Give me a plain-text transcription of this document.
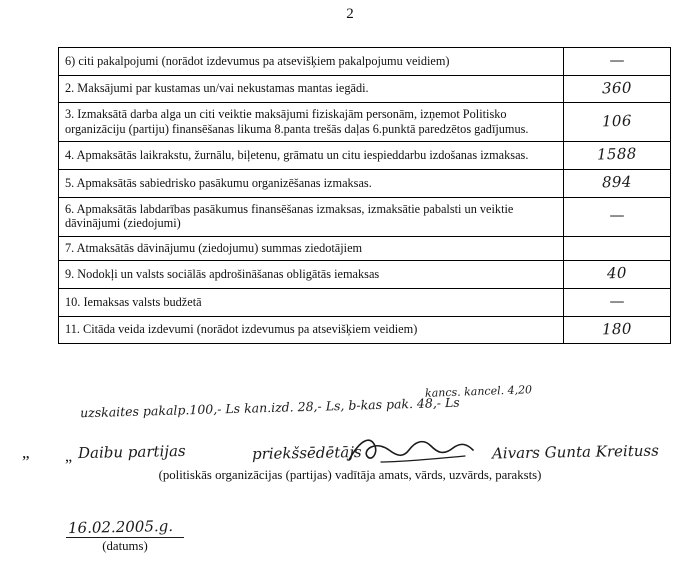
2
6) citi pakalpojumi (norādot izdevumus pa atsevišķiem pakalpojumu veidiem)	—
2. Maksājumi par kustamas un/vai nekustamas mantas iegādi.	360
3. Izmaksātā darba alga un citi veiktie maksājumi fiziskajām personām, izņemot Politisko organizāciju (partiju) finansēšanas likuma 8.panta trešās daļas 6.punktā paredzētos gadījumus.	106
4. Apmaksātās laikrakstu, žurnālu, biļetenu, grāmatu un citu iespieddarbu izdošanas izmaksas.	1588
5. Apmaksātās sabiedrisko pasākumu organizēšanas izmaksas.	894
6. Apmaksātās labdarības pasākumus finansēšanas izmaksas, izmaksātie pabalsti un veiktie dāvinājumi (ziedojumi)	—
7. Atmaksātās dāvinājumu (ziedojumu) summas ziedotājiem	
9. Nodokļi un valsts sociālās apdrošināšanas obligātās iemaksas	40
10. Iemaksas valsts budžetā	—
11. Citāda veida izdevumi (norādot izdevumus pa atsevišķiem veidiem)	180
kancs. kancel. 4,20
uzskaites pakalp.100,- Ls kan.izd. 28,- Ls, b-kas pak. 48,- Ls
„ „ Daibu partijas	priekšsēdētājs	Aivars Gunta Kreituss
(politiskās organizācijas (partijas) vadītāja amats, vārds, uzvārds, paraksts)
16.02.2005.g.
(datums)
